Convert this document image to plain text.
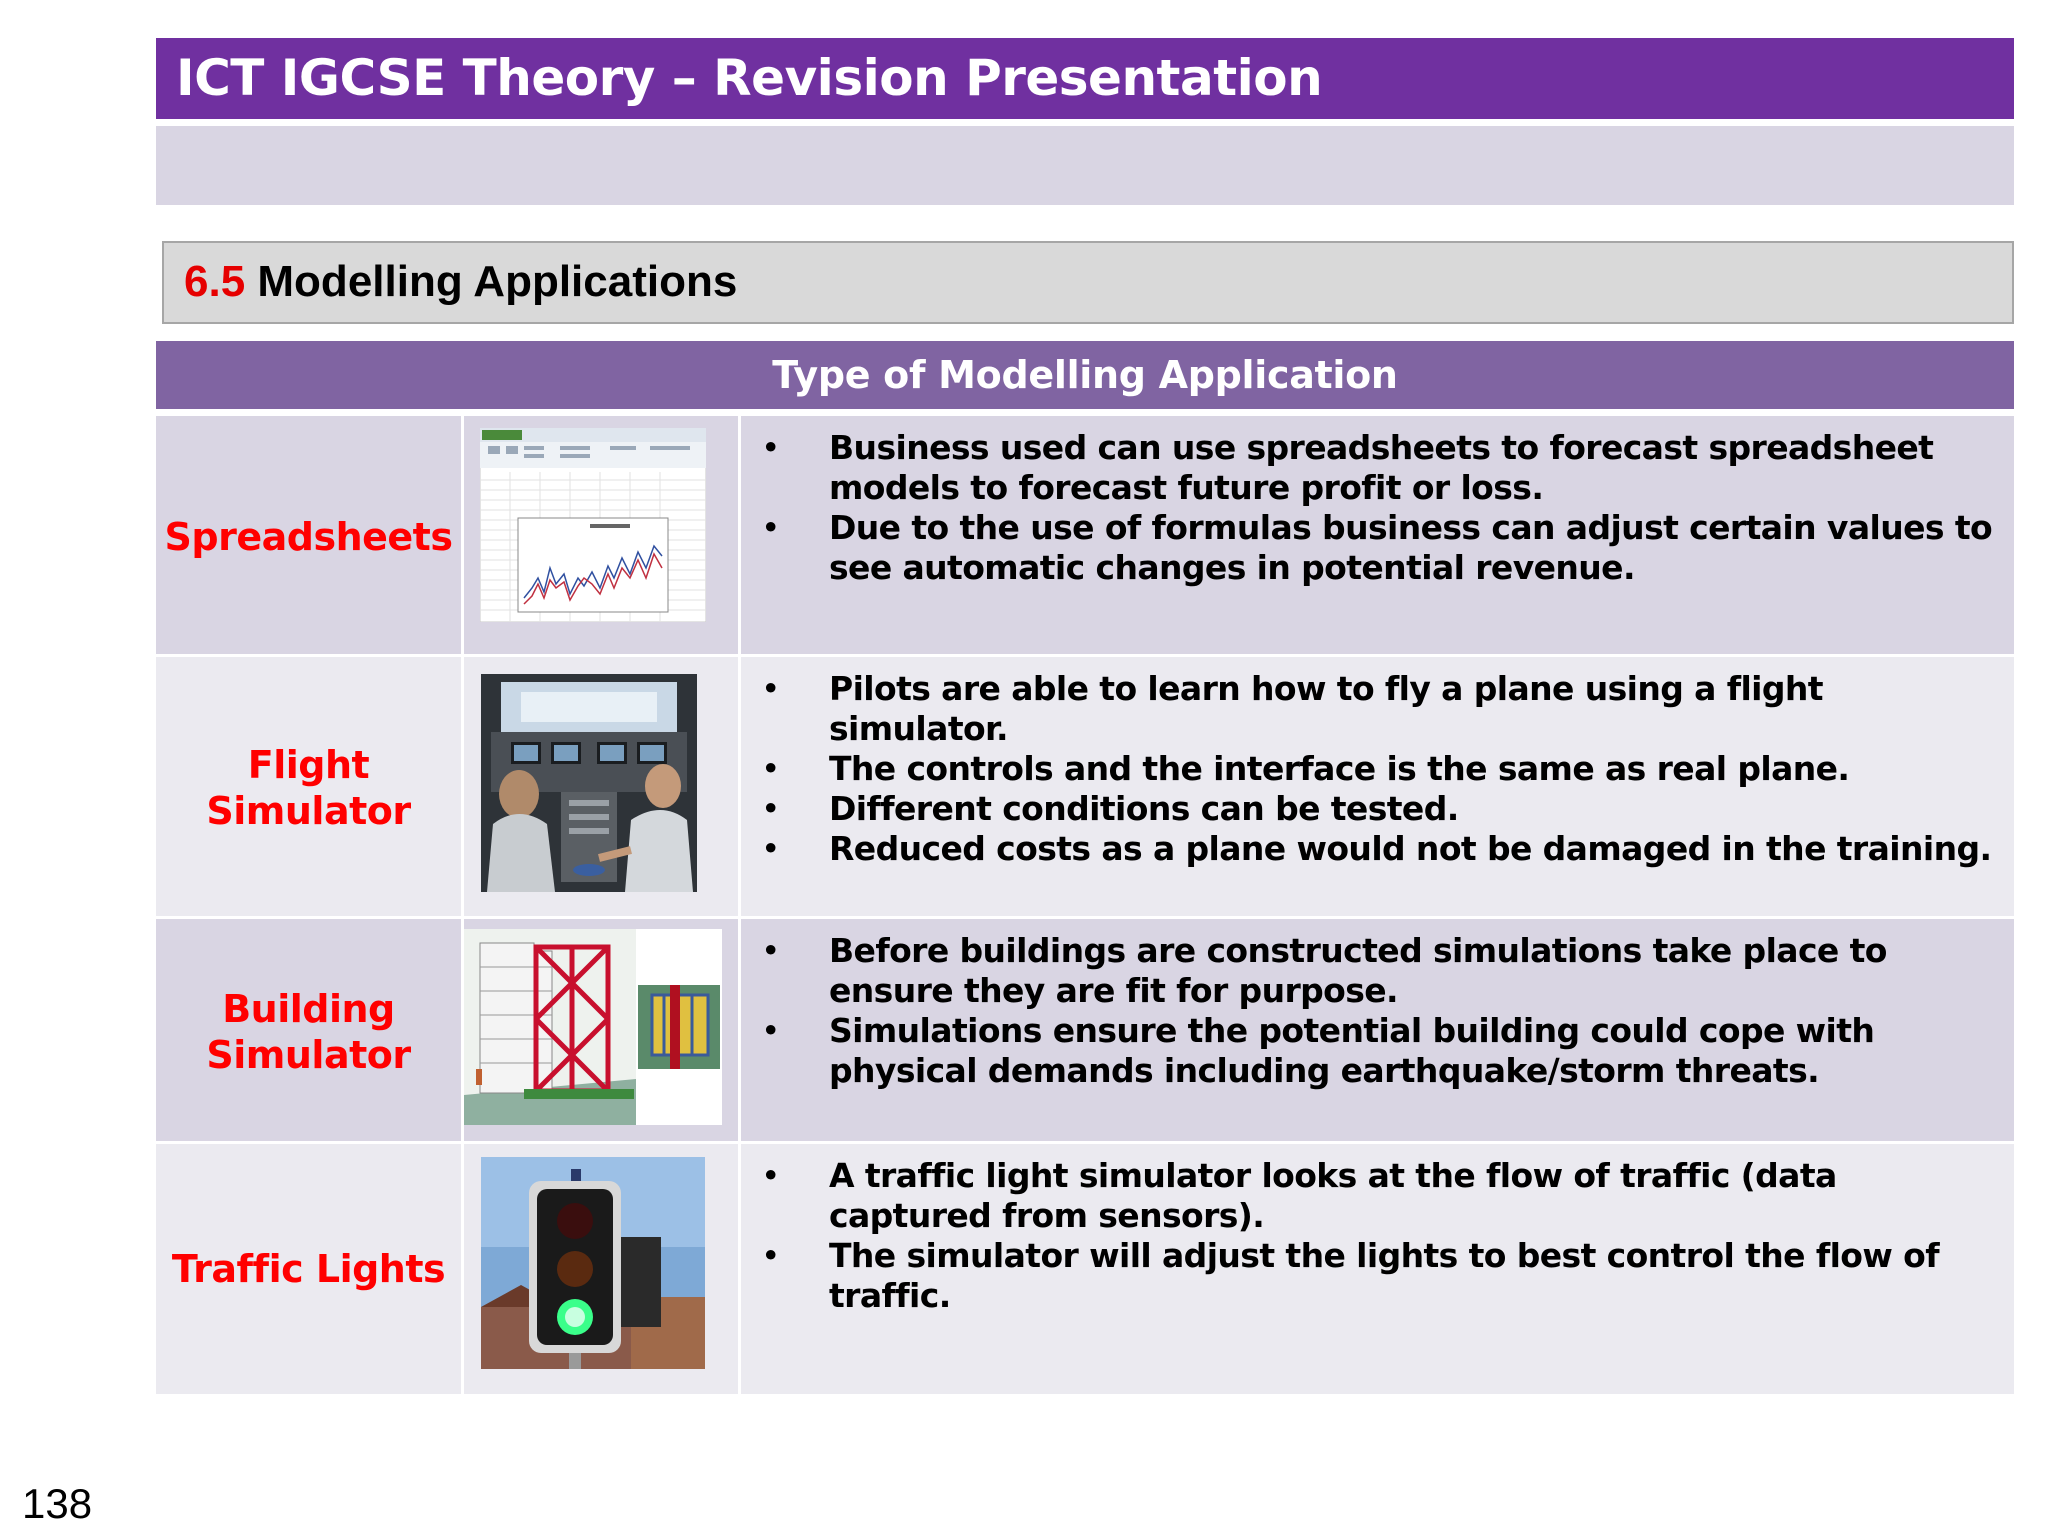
ICT IGCSE Theory – Revision Presentation
6.5 Modelling Applications
Type of Modelling Application
Spreadsheets
• Business used can use spreadsheets to forecast spreadsheet models to forecast future profit or loss.
• Due to the use of formulas business can adjust certain values to see automatic changes in potential revenue.
Flight
Simulator
• Pilots are able to learn how to fly a plane using a flight simulator.
• The controls and the interface is the same as real plane.
• Different conditions can be tested.
• Reduced costs as a plane would not be damaged in the training.
Building
Simulator
• Before buildings are constructed simulations take place to ensure they are fit for purpose.
• Simulations ensure the potential building could cope with physical demands including earthquake/storm threats.
Traffic Lights
• A traffic light simulator looks at the flow of traffic (data captured from sensors).
• The simulator will adjust the lights to best control the flow of traffic.
138
